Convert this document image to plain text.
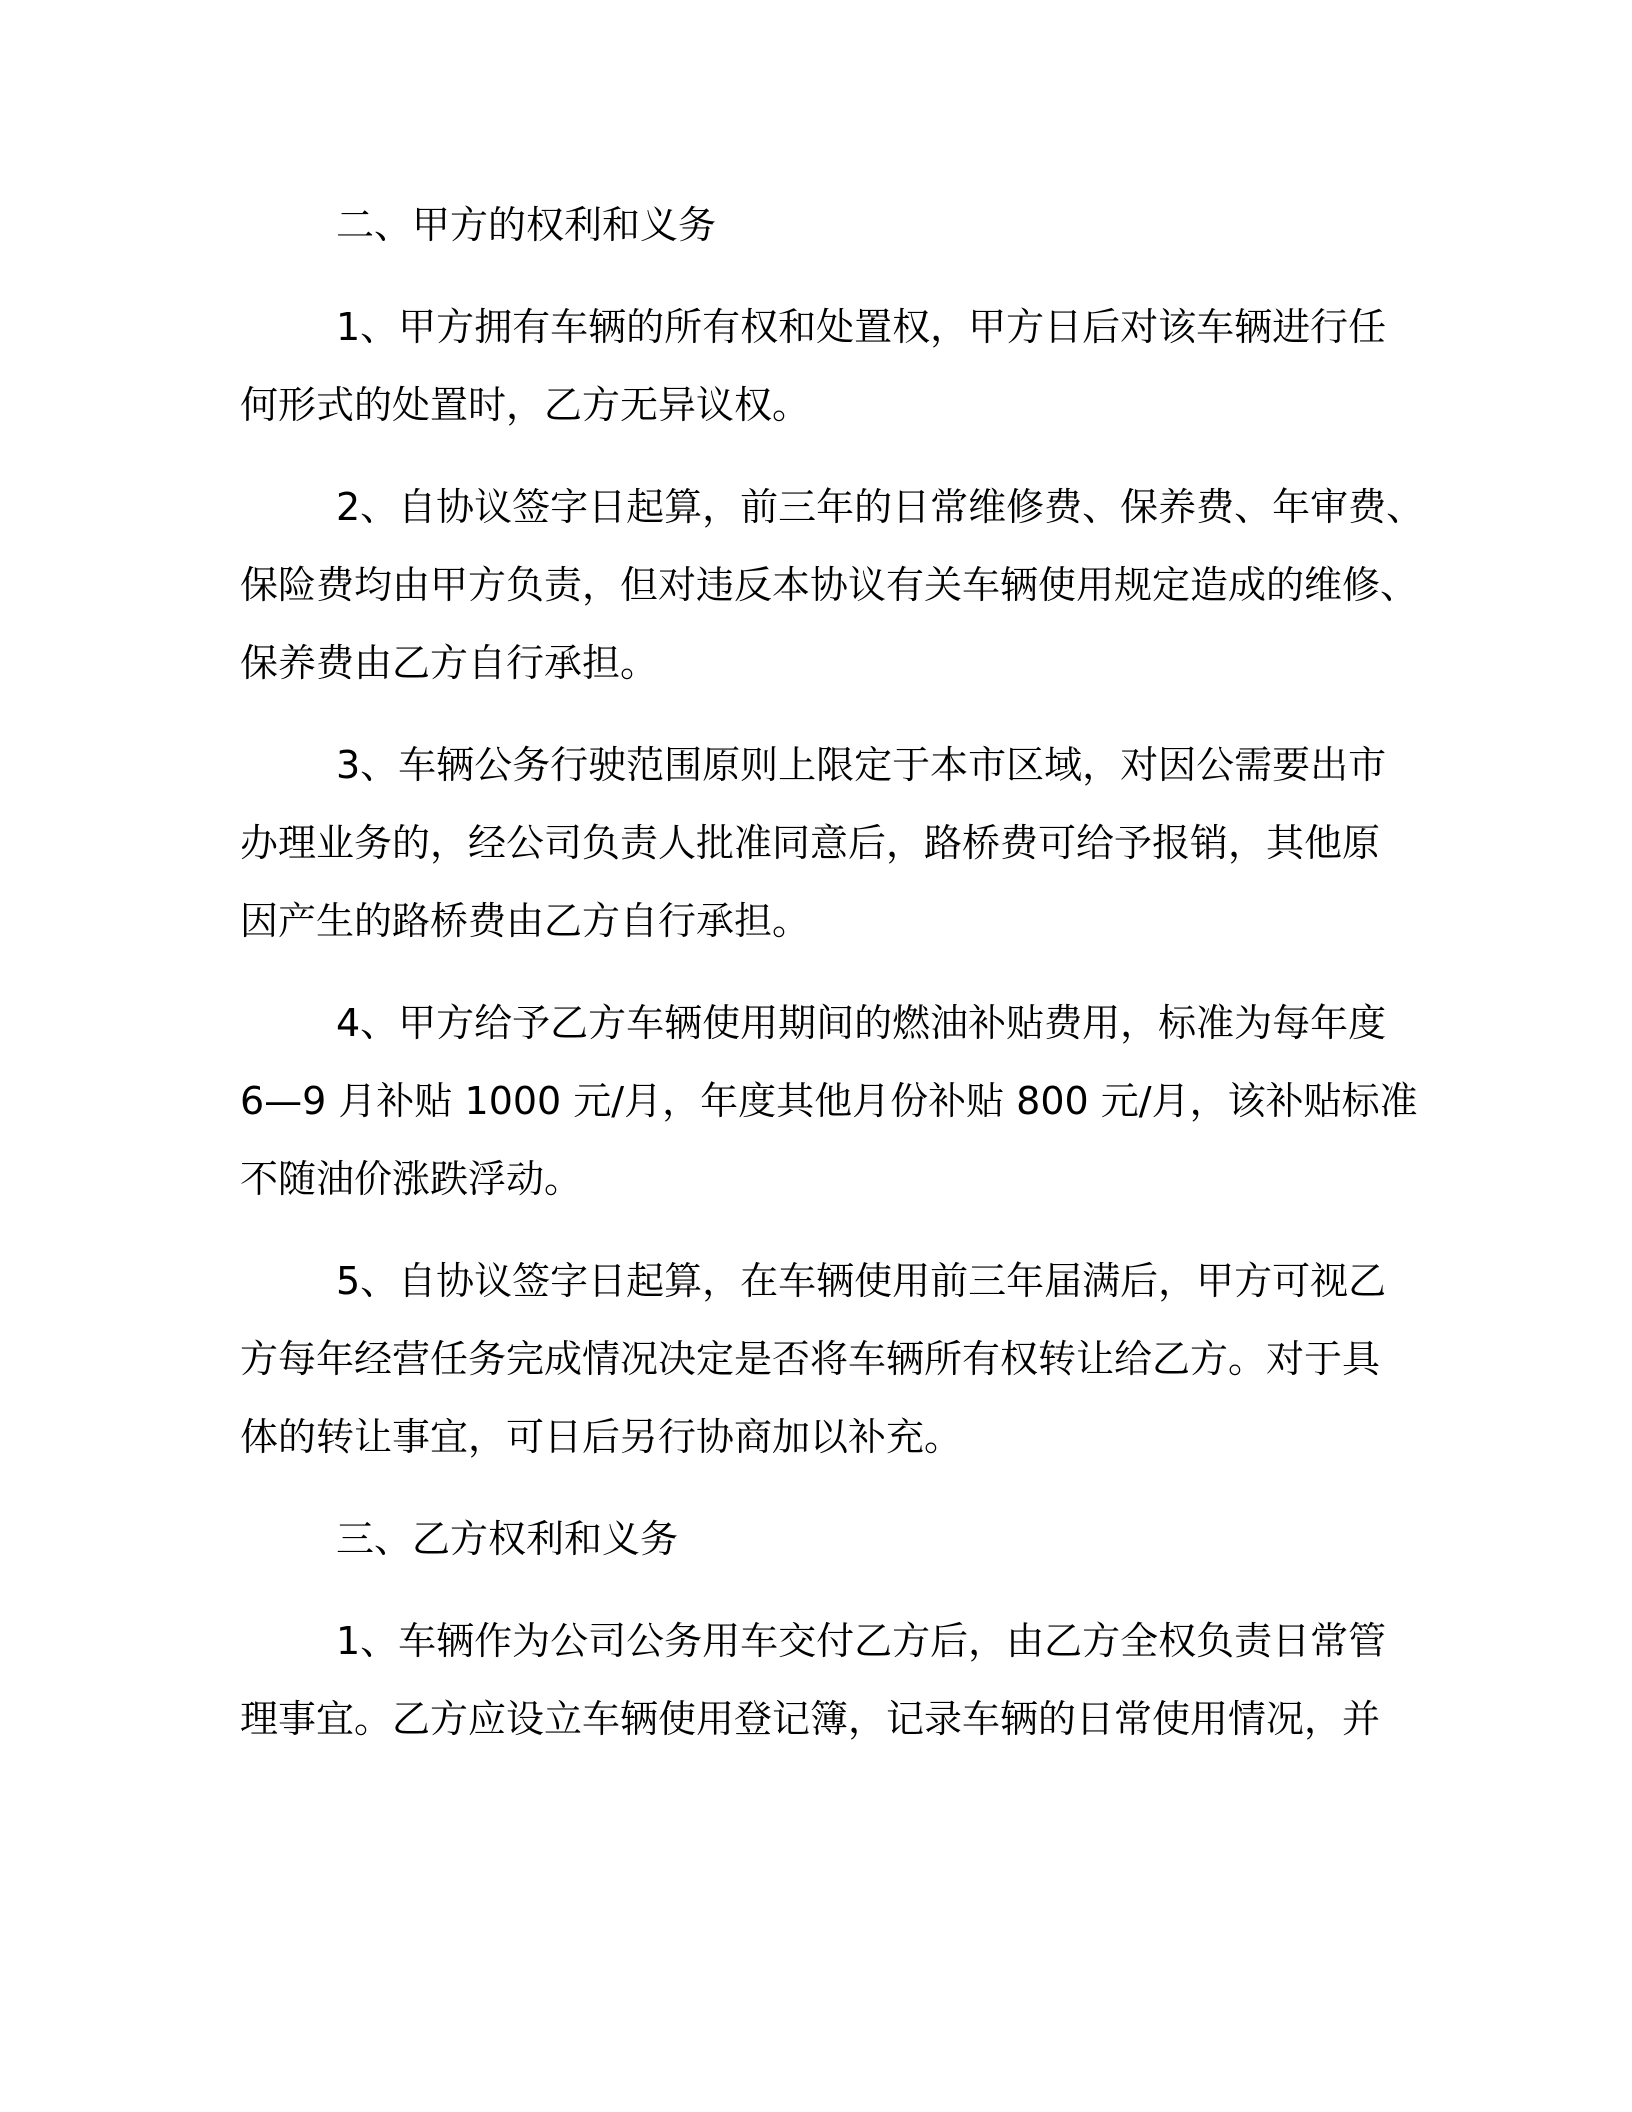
二、甲方的权利和义务
1、甲方拥有车辆的所有权和处置权，甲方日后对该车辆进行任
何形式的处置时，乙方无异议权。
2、自协议签字日起算，前三年的日常维修费、保养费、年审费、
保险费均由甲方负责，但对违反本协议有关车辆使用规定造成的维修、
保养费由乙方自行承担。
3、车辆公务行驶范围原则上限定于本市区域，对因公需要出市
办理业务的，经公司负责人批准同意后，路桥费可给予报销，其他原
因产生的路桥费由乙方自行承担。
4、甲方给予乙方车辆使用期间的燃油补贴费用，标准为每年度
6—9 月补贴 1000 元/月，年度其他月份补贴 800 元/月，该补贴标准
不随油价涨跌浮动。
5、自协议签字日起算，在车辆使用前三年届满后，甲方可视乙
方每年经营任务完成情况决定是否将车辆所有权转让给乙方。对于具
体的转让事宜，可日后另行协商加以补充。
三、乙方权利和义务
1、车辆作为公司公务用车交付乙方后，由乙方全权负责日常管
理事宜。乙方应设立车辆使用登记簿，记录车辆的日常使用情况，并
